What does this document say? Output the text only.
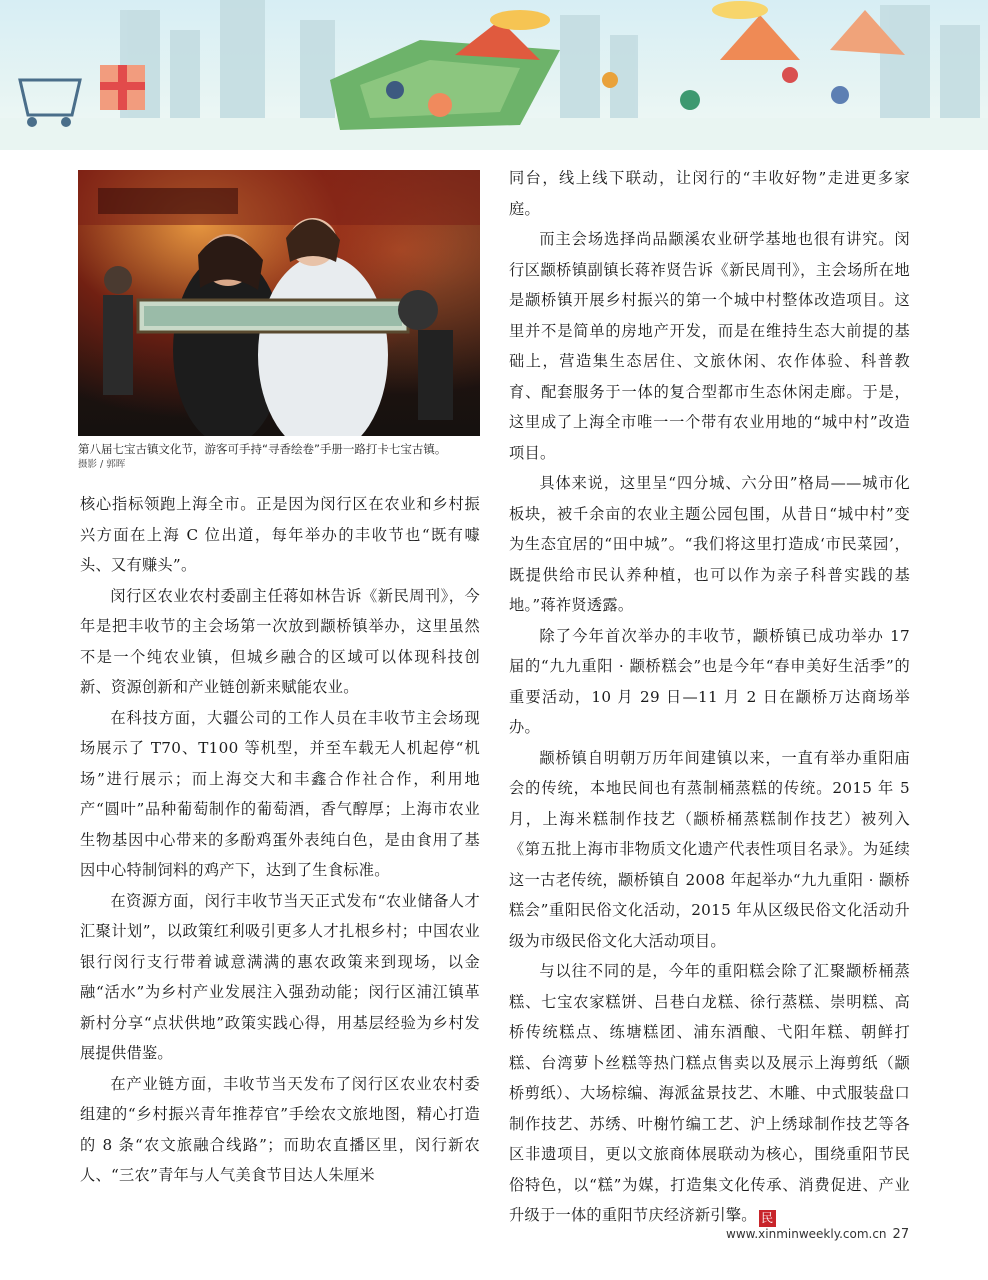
第八届七宝古镇文化节，游客可手持“寻香绘卷”手册一路打卡七宝古镇。
摄影 / 郭晖

核心指标领跑上海全市。正是因为闵行区在农业和乡村振兴方面在上海 C 位出道，每年举办的丰收节也“既有噱头、又有赚头”。

闵行区农业农村委副主任蒋如林告诉《新民周刊》，今年是把丰收节的主会场第一次放到颛桥镇举办，这里虽然不是一个纯农业镇，但城乡融合的区域可以体现科技创新、资源创新和产业链创新来赋能农业。

在科技方面，大疆公司的工作人员在丰收节主会场现场展示了 T70、T100 等机型，并至车载无人机起停“机场”进行展示；而上海交大和丰鑫合作社合作，利用地产“圆叶”品种葡萄制作的葡萄酒，香气醇厚；上海市农业生物基因中心带来的多酚鸡蛋外表纯白色，是由食用了基因中心特制饲料的鸡产下，达到了生食标准。

在资源方面，闵行丰收节当天正式发布“农业储备人才汇聚计划”，以政策红利吸引更多人才扎根乡村；中国农业银行闵行支行带着诚意满满的惠农政策来到现场，以金融“活水”为乡村产业发展注入强劲动能；闵行区浦江镇革新村分享“点状供地”政策实践心得，用基层经验为乡村发展提供借鉴。

在产业链方面，丰收节当天发布了闵行区农业农村委组建的“乡村振兴青年推荐官”手绘农文旅地图，精心打造的 8 条“农文旅融合线路”；而助农直播区里，闵行新农人、“三农”青年与人气美食节目达人朱厘米

同台，线上线下联动，让闵行的“丰收好物”走进更多家庭。

而主会场选择尚品颛溪农业研学基地也很有讲究。闵行区颛桥镇副镇长蒋祚贤告诉《新民周刊》，主会场所在地是颛桥镇开展乡村振兴的第一个城中村整体改造项目。这里并不是简单的房地产开发，而是在维持生态大前提的基础上，营造集生态居住、文旅休闲、农作体验、科普教育、配套服务于一体的复合型都市生态休闲走廊。于是，这里成了上海全市唯一一个带有农业用地的“城中村”改造项目。

具体来说，这里呈“四分城、六分田”格局——城市化板块，被千余亩的农业主题公园包围，从昔日“城中村”变为生态宜居的“田中城”。“我们将这里打造成‘市民菜园’，既提供给市民认养种植，也可以作为亲子科普实践的基地。”蒋祚贤透露。

除了今年首次举办的丰收节，颛桥镇已成功举办 17 届的“九九重阳 · 颛桥糕会”也是今年“春申美好生活季”的重要活动，10 月 29 日—11 月 2 日在颛桥万达商场举办。

颛桥镇自明朝万历年间建镇以来，一直有举办重阳庙会的传统，本地民间也有蒸制桶蒸糕的传统。2015 年 5 月，上海米糕制作技艺（颛桥桶蒸糕制作技艺）被列入《第五批上海市非物质文化遗产代表性项目名录》。为延续这一古老传统，颛桥镇自 2008 年起举办“九九重阳 · 颛桥糕会”重阳民俗文化活动，2015 年从区级民俗文化活动升级为市级民俗文化大活动项目。

与以往不同的是，今年的重阳糕会除了汇聚颛桥桶蒸糕、七宝农家糕饼、吕巷白龙糕、徐行蒸糕、崇明糕、高桥传统糕点、练塘糕团、浦东酒酿、弋阳年糕、朝鲜打糕、台湾萝卜丝糕等热门糕点售卖以及展示上海剪纸（颛桥剪纸）、大场棕编、海派盆景技艺、木雕、中式服装盘口制作技艺、苏绣、叶榭竹编工艺、沪上绣球制作技艺等各区非遗项目，更以文旅商体展联动为核心，围绕重阳节民俗特色，以“糕”为媒，打造集文化传承、消费促进、产业升级于一体的重阳节庆经济新引擎。 民

www.xinminweekly.com.cn 27
